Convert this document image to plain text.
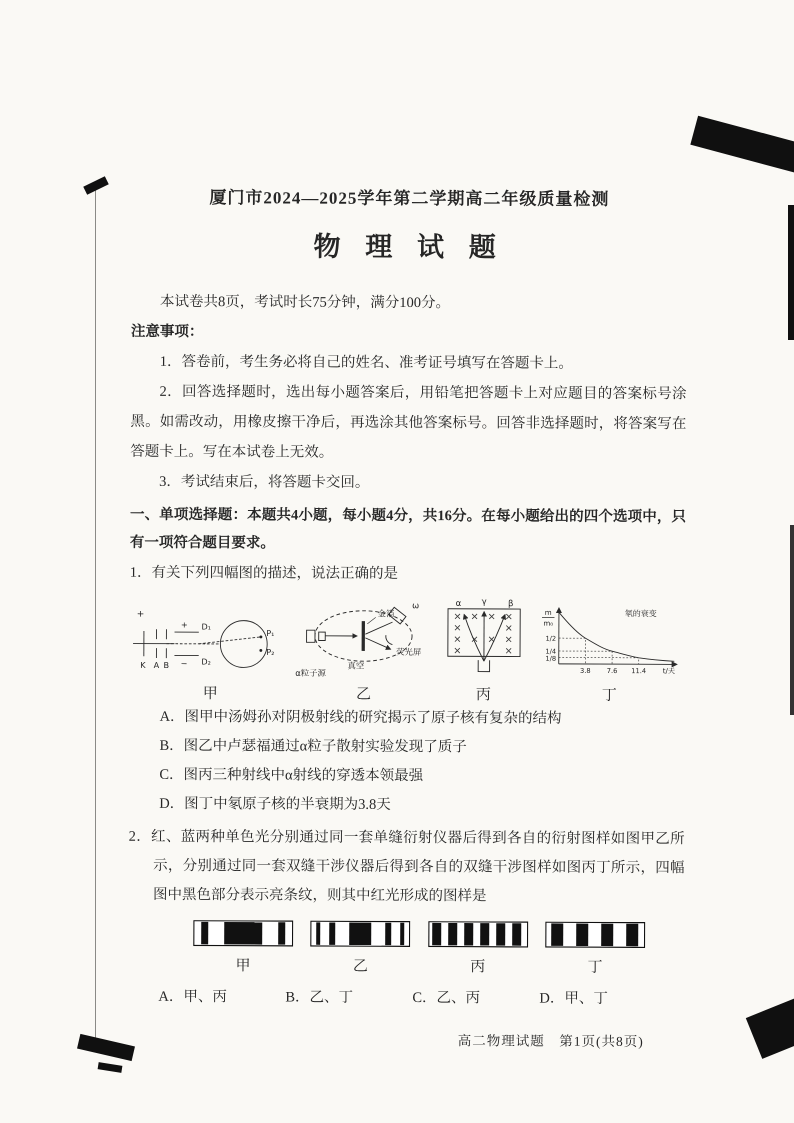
厦门市2024—2025学年第二学期高二年级质量检测

物 理 试 题

本试卷共8页，考试时长75分钟，满分100分。

注意事项：

1．答卷前，考生务必将自己的姓名、准考证号填写在答题卡上。

2．回答选择题时，选出每小题答案后，用铅笔把答题卡上对应题目的答案标号涂黑。如需改动，用橡皮擦干净后，再选涂其他答案标号。回答非选择题时，将答案写在答题卡上。写在本试卷上无效。

3．考试结束后，将答题卡交回。

一、单项选择题：本题共4小题，每小题4分，共16分。在每小题给出的四个选项中，只有一项符合题目要求。

1．有关下列四幅图的描述，说法正确的是

+
K A B
+
−
D₁
D₂
P₁
P₂
甲
金箔
ω
荧光屏
真空
α粒子源
乙
α γ β
丙
m
m₀
氡的衰变
1/2
1/4
1/8
3.8 7.6 11.4 t/天
丁

A．图甲中汤姆孙对阴极射线的研究揭示了原子核有复杂的结构

B．图乙中卢瑟福通过α粒子散射实验发现了质子

C．图丙三种射线中α射线的穿透本领最强

D．图丁中氡原子核的半衰期为3.8天

2．红、蓝两种单色光分别通过同一套单缝衍射仪器后得到各自的衍射图样如图甲乙所示，分别通过同一套双缝干涉仪器后得到各自的双缝干涉图样如图丙丁所示，四幅图中黑色部分表示亮条纹，则其中红光形成的图样是

甲	乙	丙	丁
A．甲、丙	B．乙、丁	C．乙、丙	D．甲、丁

高二物理试题　第1页(共8页)
